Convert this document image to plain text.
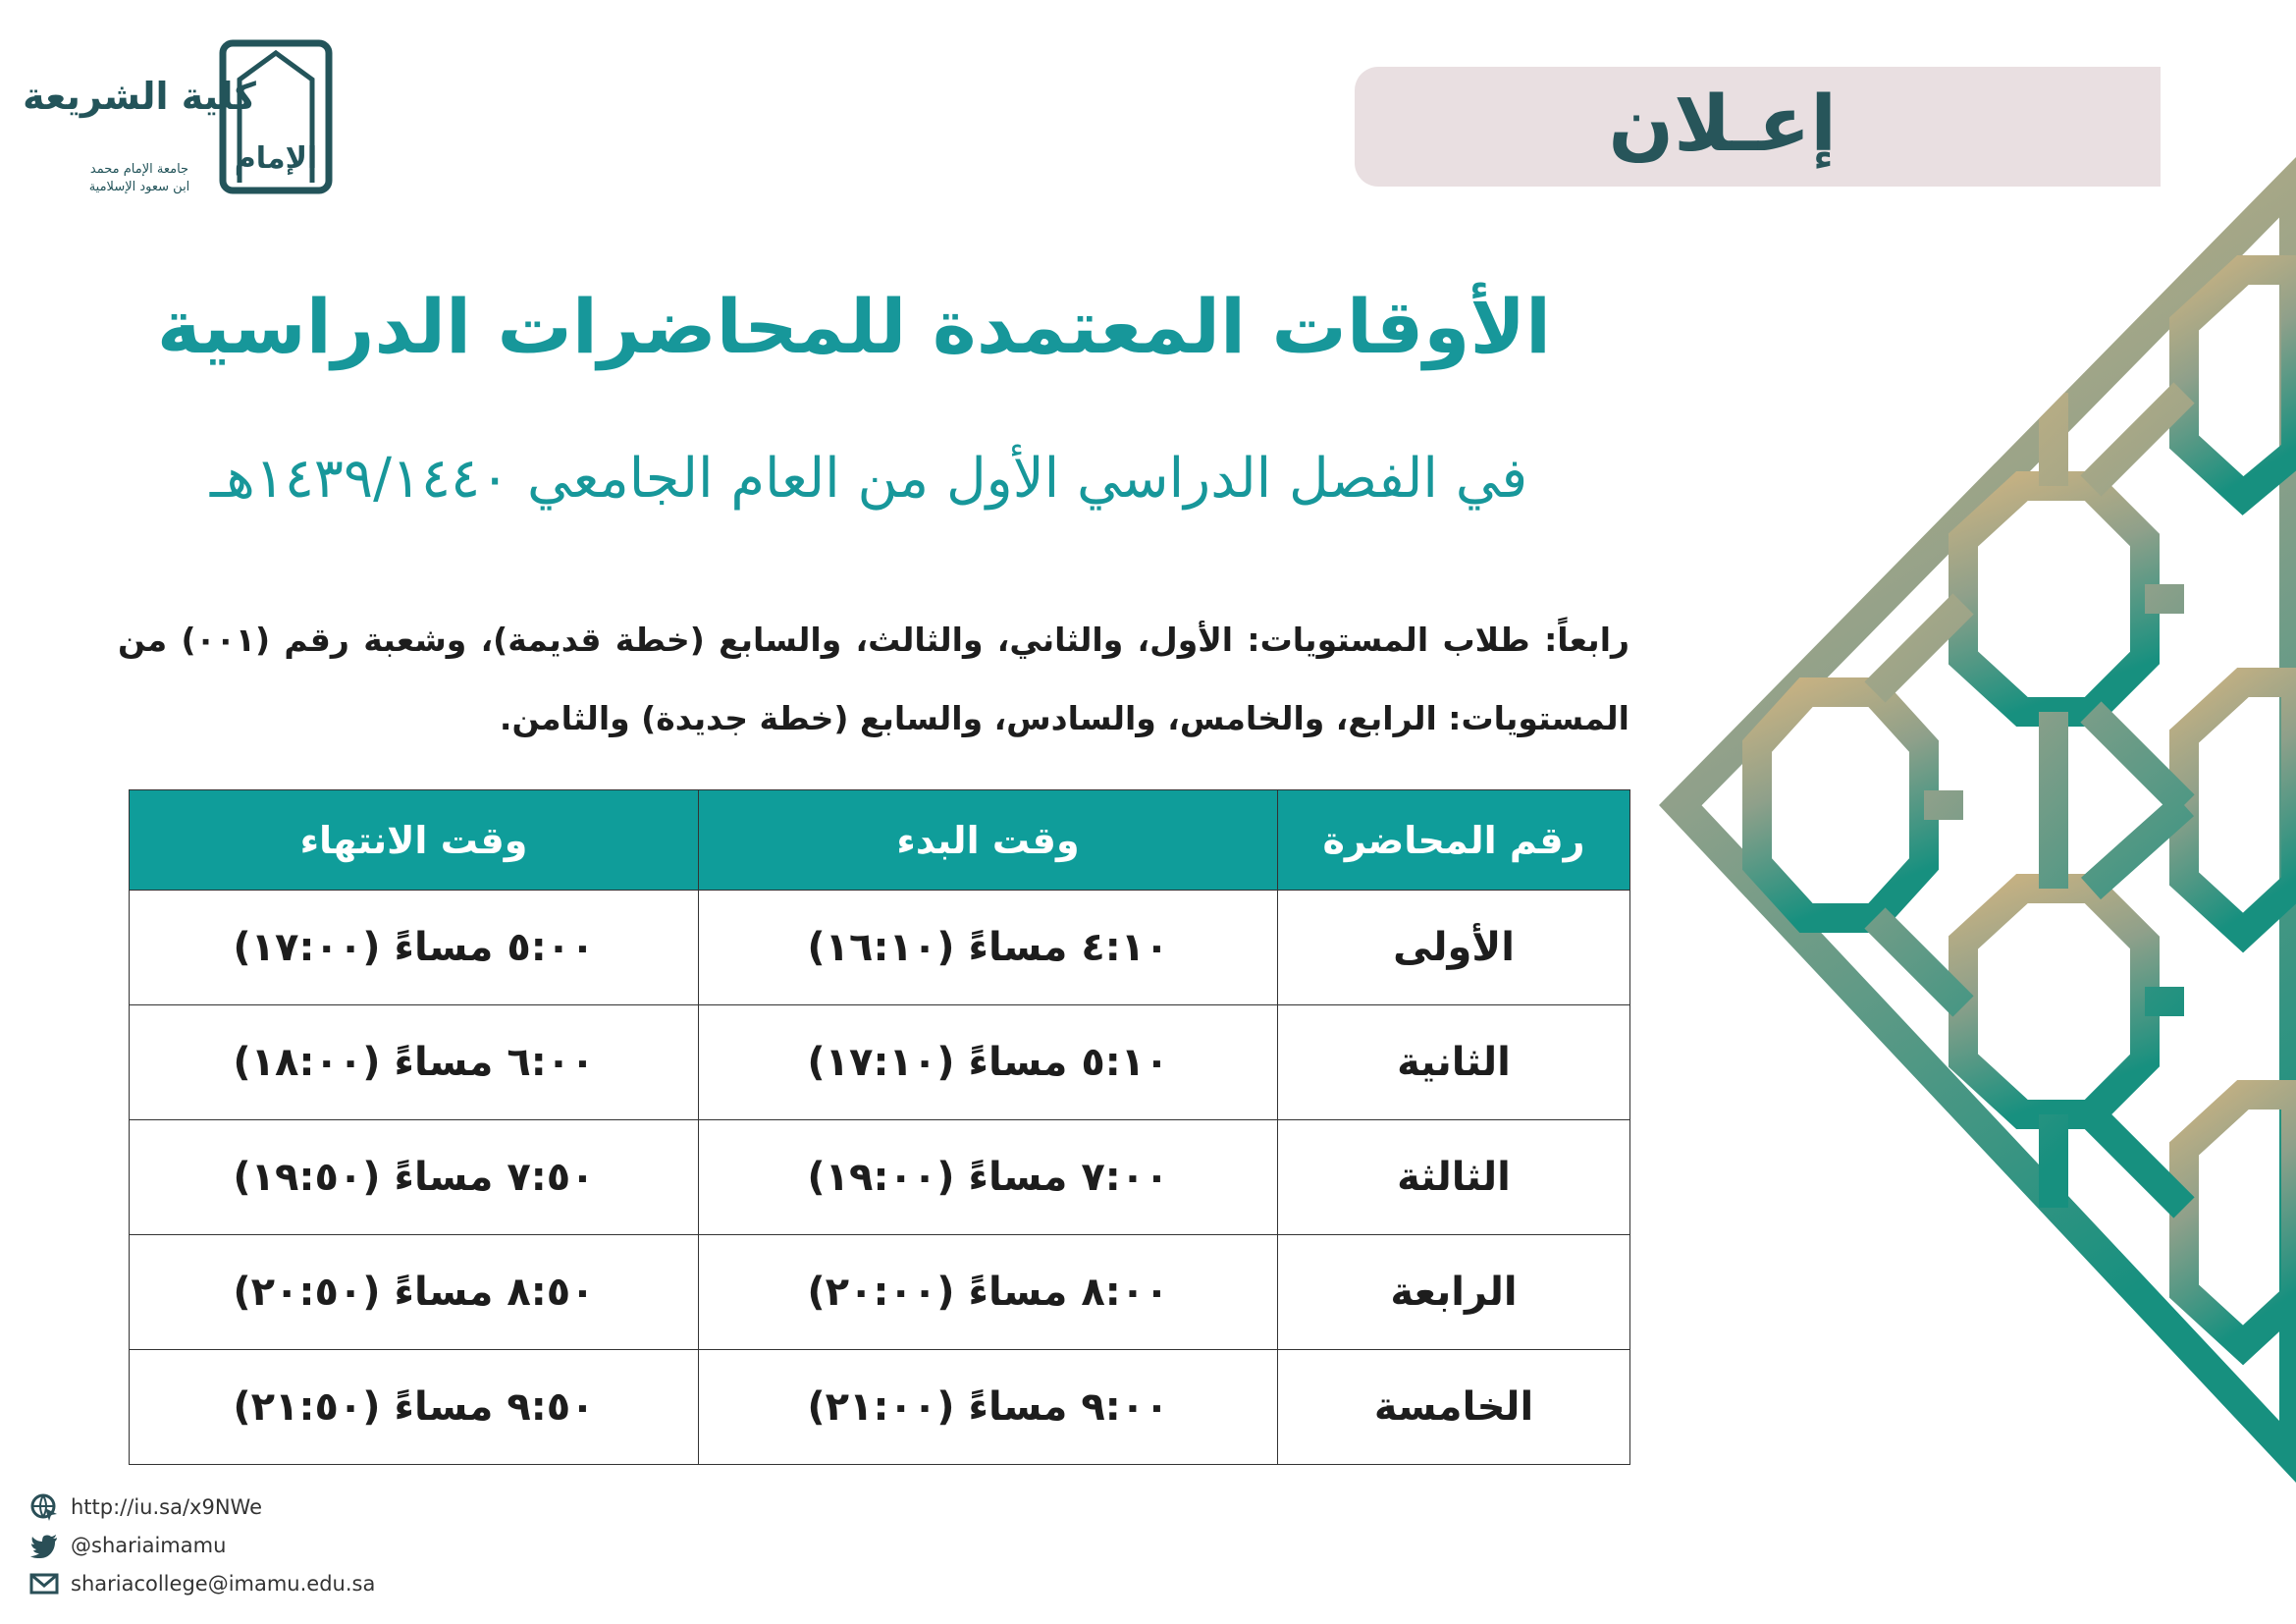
الإمام
كلية الشريعة
جامعة الإمام محمد
ابن سعود الإسلامية
إعـلان
الأوقات المعتمدة للمحاضرات الدراسية
في الفصل الدراسي الأول من العام الجامعي ١٤٣٩/١٤٤٠هـ
رابعاً: طلاب المستويات: الأول، والثاني، والثالث، والسابع (خطة قديمة)، وشعبة رقم (٠٠١) من المستويات: الرابع، والخامس، والسادس، والسابع (خطة جديدة) والثامن.
رقم المحاضرة	وقت البدء	وقت الانتهاء
الأولى	٤:١٠ مساءً (١٦:١٠)	٥:٠٠ مساءً (١٧:٠٠)
الثانية	٥:١٠ مساءً (١٧:١٠)	٦:٠٠ مساءً (١٨:٠٠)
الثالثة	٧:٠٠ مساءً (١٩:٠٠)	٧:٥٠ مساءً (١٩:٥٠)
الرابعة	٨:٠٠ مساءً (٢٠:٠٠)	٨:٥٠ مساءً (٢٠:٥٠)
الخامسة	٩:٠٠ مساءً (٢١:٠٠)	٩:٥٠ مساءً (٢١:٥٠)
http://iu.sa/x9NWe
@shariaimamu
shariacollege@imamu.edu.sa
